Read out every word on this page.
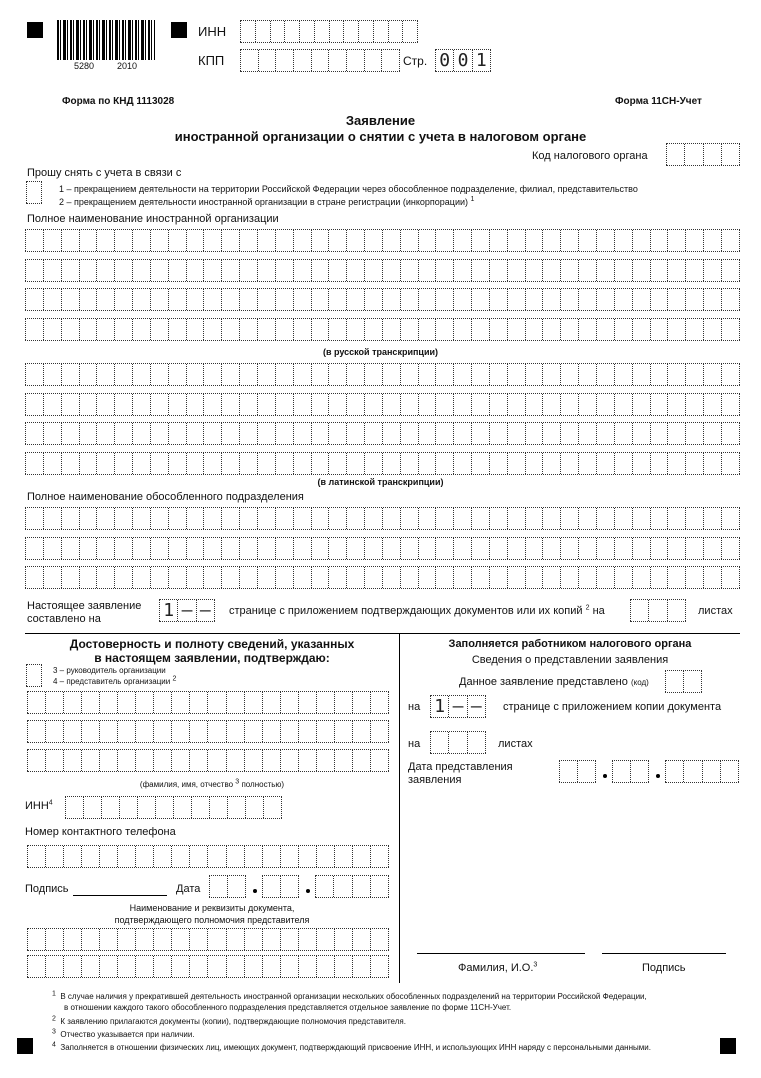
5280	2010
ИНН
КПП	Стр. 0 0 1
Форма по КНД 1113028	Форма 11СН-Учет
Заявление
иностранной организации о снятии с учета в налоговом органе
Код налогового органа
Прошу снять с учета в связи с
1 – прекращением деятельности на территории Российской Федерации через обособленное подразделение, филиал, представительство
2 – прекращением деятельности иностранной организации в стране регистрации (инкорпорации) $^1$
Полное наименование иностранной организации
(в русской транскрипции)
(в латинской транскрипции)
Полное наименование обособленного подразделения
Настоящее заявление
составлено на	1 – –	странице с приложением подтверждающих документов или их копий $^2$ на	листах
Достоверность и полноту сведений, указанных
в настоящем заявлении, подтверждаю:
3 – руководитель организации
4 – представитель организации $^2$
(фамилия, имя, отчество $^3$ полностью)
ИНН$^4$
Номер контактного телефона
Подпись	Дата
Наименование и реквизиты документа,
подтверждающего полномочия представителя
Заполняется работником налогового органа
Сведения о представлении заявления
Данное заявление представлено (код)
на 1 – –	странице с приложением копии документа
на	листах
Дата представления
заявления
Фамилия, И.О.$^3$	Подпись
$^1$ В случае наличия у прекратившей деятельность иностранной организации нескольких обособленных подразделений на территории Российской Федерации,
в отношении каждого такого обособленного подразделения представляется отдельное заявление по форме 11СН-Учет.
$^2$ К заявлению прилагаются документы (копии), подтверждающие полномочия представителя.
$^3$ Отчество указывается при наличии.
$^4$ Заполняется в отношении физических лиц, имеющих документ, подтверждающий присвоение ИНН, и использующих ИНН наряду с персональными данными.
